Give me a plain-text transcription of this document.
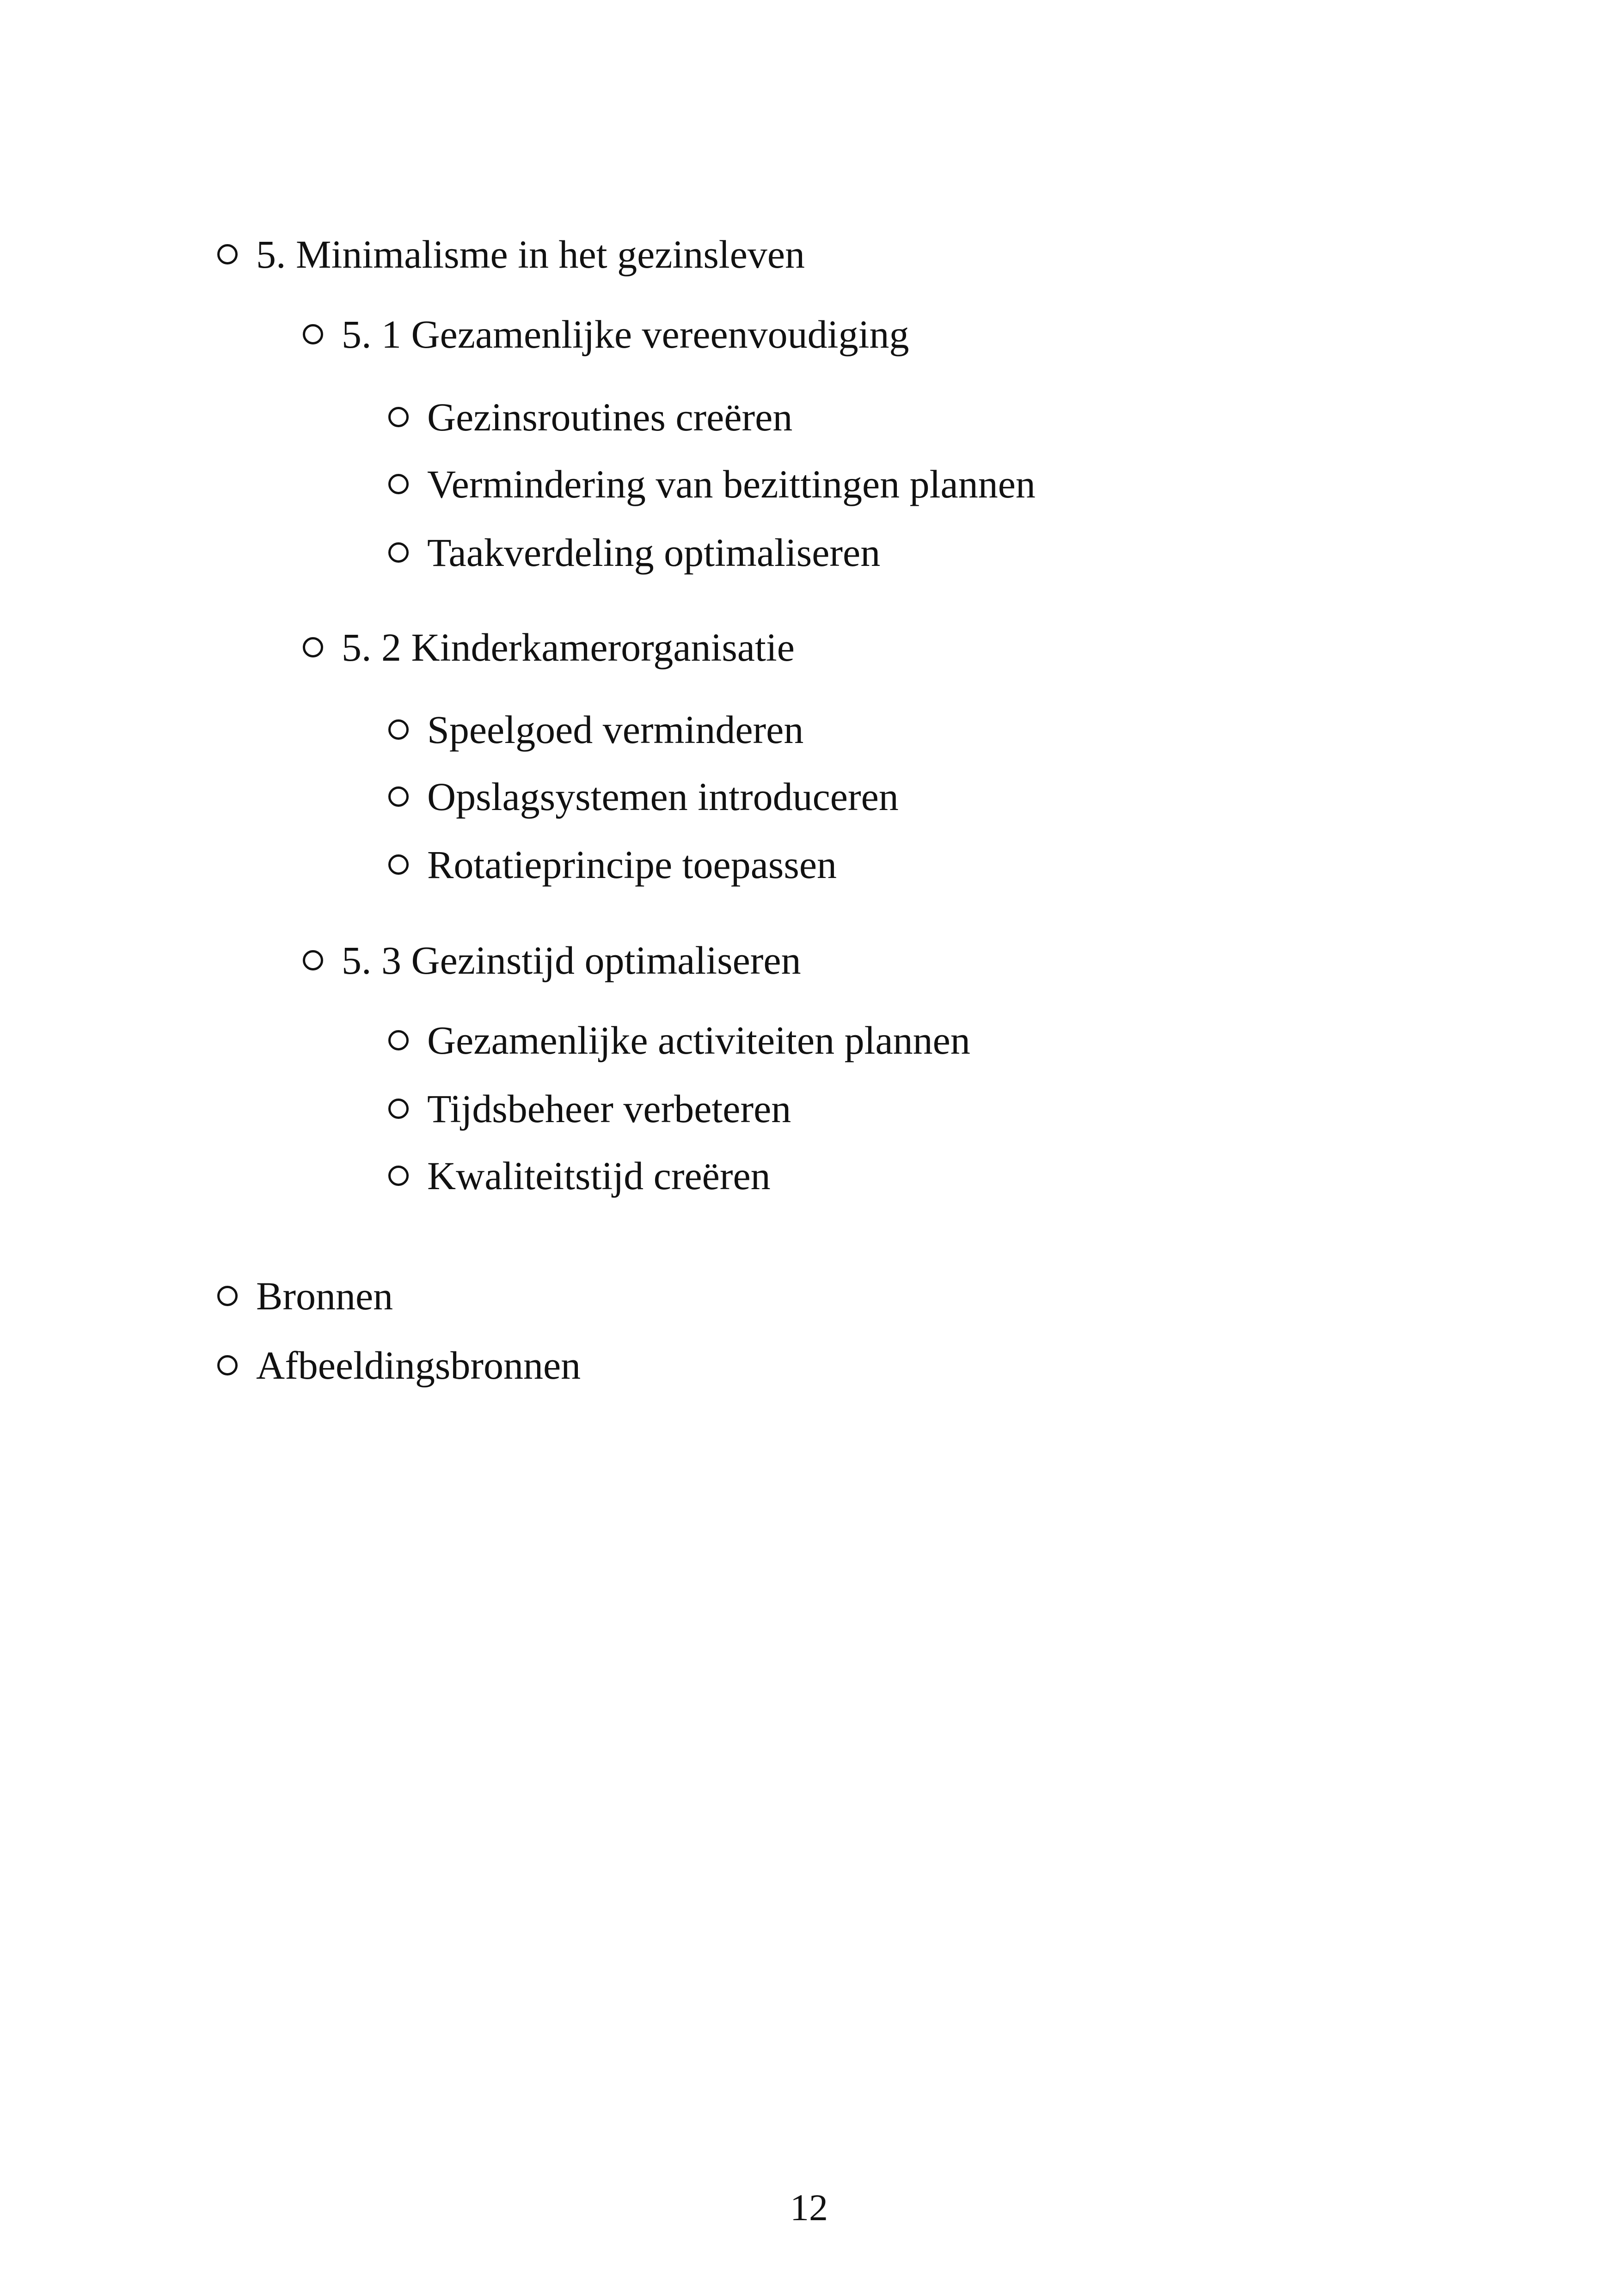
5. Minimalisme in het gezinsleven
5. 1 Gezamenlijke vereenvoudiging
Gezinsroutines creëren
Vermindering van bezittingen plannen
Taakverdeling optimaliseren
5. 2 Kinderkamerorganisatie
Speelgoed verminderen
Opslagsystemen introduceren
Rotatieprincipe toepassen
5. 3 Gezinstijd optimaliseren
Gezamenlijke activiteiten plannen
Tijdsbeheer verbeteren
Kwaliteitstijd creëren
Bronnen
Afbeeldingsbronnen
12
